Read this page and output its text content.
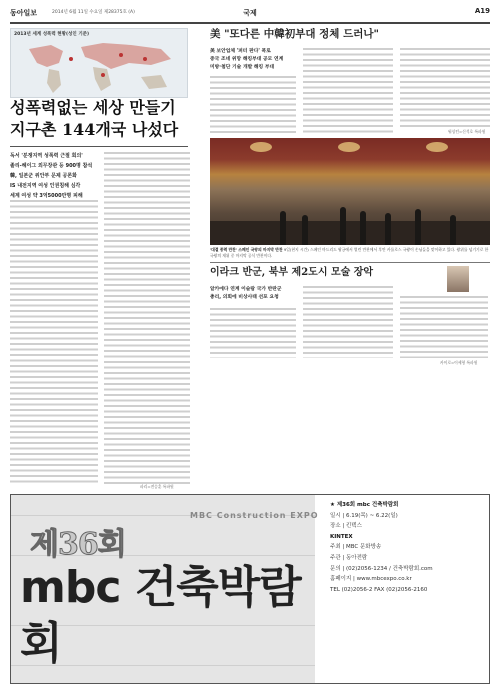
동아일보	2014년 6월 11일 수요일 제28375호 (A)	국제	A19
2013년 세계 성폭력 현황(성인 기준)
성폭력없는 세상 만들기
지구촌 144개국 나섰다
독서 '분쟁지역 성폭력 근절 회의'
졸리-헤이그 외무장관 등 900명 참석
韓, 일본군 위안부 문제 공론화
IS 내전지역 여성 인권침해 심각
세계 여성 약 3억5000만명 피해
파리=전승훈 특파원
美 "또다른 中韓初부대 정체 드러나"
美 보안업체 '퍼터 판다' 폭로
중국 조네 위망 해킹부대 공모 연계
미방·첨단 기술 개발 해킹 부대
워싱턴=신석호 특파원
'대결 종력 만찬' 스페인 국왕의 마지막 만찬 9일(현지 시간) 스페인 마드리드 왕궁에서 열린 만찬에서 후안 카를로스 국왕이 손님들을 맞이하고 있다. 왕위를 넘기기로 한 국왕의 재위 중 마지막 공식 만찬이다.
이라크 반군, 북부 제2도시 모술 장악
알카에다 연계 이슬람 국가 반란군
총리, 의회에 비상사태 선포 요청
카이로=이세형 특파원
제36회
MBC Construction EXPO
mbc 건축박람회
★ 제36회 mbc 건축박람회
일시 | 6.19(목) ~ 6.22(일)
장소 | 킨텍스
KINTEX
주최 | MBC 문화방송
주관 | 동아전람
문의 | (02)2056-1234 / 건축박람회.com
홈페이지 | www.mbcexpo.co.kr
TEL (02)2056-2 FAX (02)2056-2160
